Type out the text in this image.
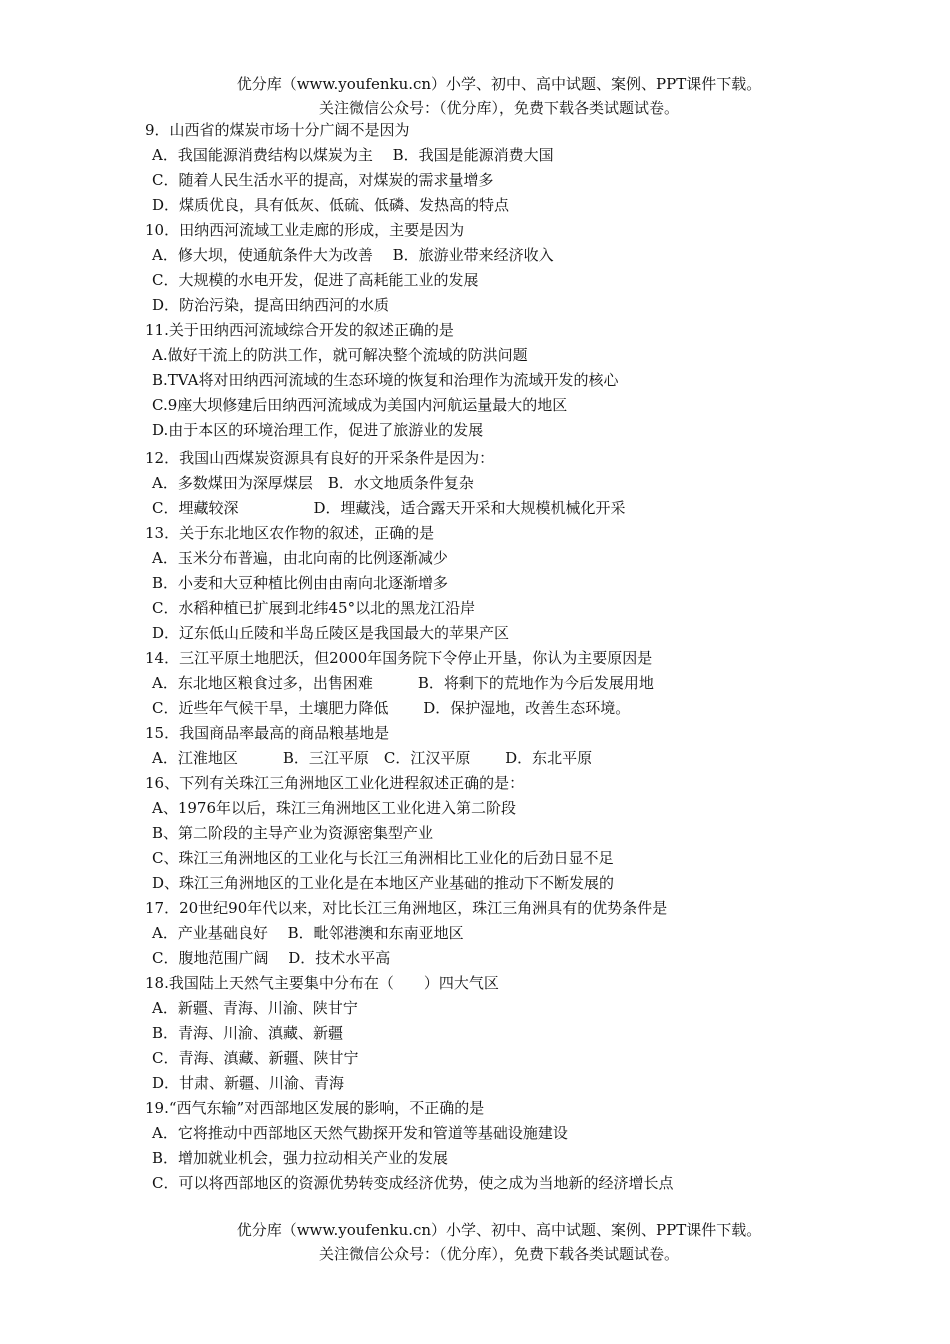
优分库（www.youfenku.cn）小学、初中、高中试题、案例、PPT课件下载。
关注微信公众号：（优分库），免费下载各类试题试卷。
9．山西省的煤炭市场十分广阔不是因为
A．我国能源消费结构以煤炭为主　 B．我国是能源消费大国
C．随着人民生活水平的提高，对煤炭的需求量增多
D．煤质优良，具有低灰、低硫、低磷、发热高的特点
10．田纳西河流域工业走廊的形成，主要是因为
A．修大坝，使通航条件大为改善　 B．旅游业带来经济收入
C．大规模的水电开发，促进了高耗能工业的发展
D．防治污染，提高田纳西河的水质
11.关于田纳西河流域综合开发的叙述正确的是
A.做好干流上的防洪工作，就可解决整个流域的防洪问题
B.TVA将对田纳西河流域的生态环境的恢复和治理作为流域开发的核心
C.9座大坝修建后田纳西河流域成为美国内河航运量最大的地区
D.由于本区的环境治理工作，促进了旅游业的发展
12．我国山西煤炭资源具有良好的开采条件是因为：
A．多数煤田为深厚煤层　B．水文地质条件复杂
C．埋藏较深　　　　　D．埋藏浅，适合露天开采和大规模机械化开采
13．关于东北地区农作物的叙述，正确的是
A．玉米分布普遍，由北向南的比例逐渐减少
B．小麦和大豆种植比例由由南向北逐渐增多
C．水稻种植已扩展到北纬45°以北的黑龙江沿岸
D．辽东低山丘陵和半岛丘陵区是我国最大的苹果产区
14．三江平原土地肥沃，但2000年国务院下令停止开垦，你认为主要原因是
A．东北地区粮食过多，出售困难　　　B．将剩下的荒地作为今后发展用地
C．近些年气候干旱，土壤肥力降低　　 D．保护湿地，改善生态环境。
15．我国商品率最高的商品粮基地是
A．江淮地区　　　B．三江平原　C．江汉平原　　 D．东北平原
16、下列有关珠江三角洲地区工业化进程叙述正确的是：
A、1976年以后，珠江三角洲地区工业化进入第二阶段
B、第二阶段的主导产业为资源密集型产业
C、珠江三角洲地区的工业化与长江三角洲相比工业化的后劲日显不足
D、珠江三角洲地区的工业化是在本地区产业基础的推动下不断发展的
17．20世纪90年代以来，对比长江三角洲地区，珠江三角洲具有的优势条件是
A．产业基础良好　 B．毗邻港澳和东南亚地区
C．腹地范围广阔　 D．技术水平高
18.我国陆上天然气主要集中分布在（　　）四大气区
A．新疆、青海、川渝、陕甘宁
B．青海、川渝、滇藏、新疆
C．青海、滇藏、新疆、陕甘宁
D．甘肃、新疆、川渝、青海
19.“西气东输”对西部地区发展的影响，不正确的是
A．它将推动中西部地区天然气勘探开发和管道等基础设施建设
B．增加就业机会，强力拉动相关产业的发展
C．可以将西部地区的资源优势转变成经济优势，使之成为当地新的经济增长点
优分库（www.youfenku.cn）小学、初中、高中试题、案例、PPT课件下载。
关注微信公众号：（优分库），免费下载各类试题试卷。
